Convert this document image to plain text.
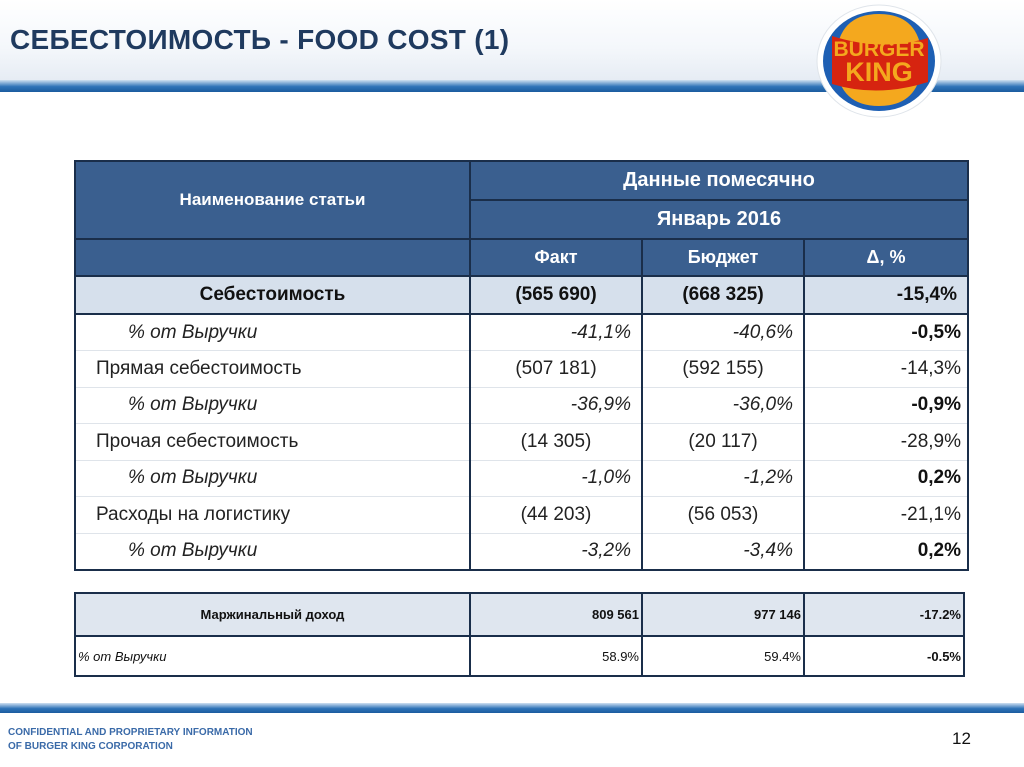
СЕБЕСТОИМОСТЬ - FOOD COST (1)	BURGER
KING
Наименование статьи	Данные помесячно		
	Январь 2016		
	Факт	Бюджет	Δ, %
Себестоимость	(565 690)	(668 325)	-15,4%
% от Выручки	-41,1%	-40,6%	-0,5%
Прямая себестоимость	(507 181)	(592 155)	-14,3%
% от Выручки	-36,9%	-36,0%	-0,9%
Прочая себестоимость	(14 305)	(20 117)	-28,9%
% от Выручки	-1,0%	-1,2%	0,2%
Расходы на логистику	(44 203)	(56 053)	-21,1%
% от Выручки	-3,2%	-3,4%	0,2%
Маржинальный доход	809 561	977 146	-17.2%
% от Выручки	58.9%	59.4%	-0.5%
CONFIDENTIAL AND PROPRIETARY INFORMATION
OF BURGER KING CORPORATION	12
